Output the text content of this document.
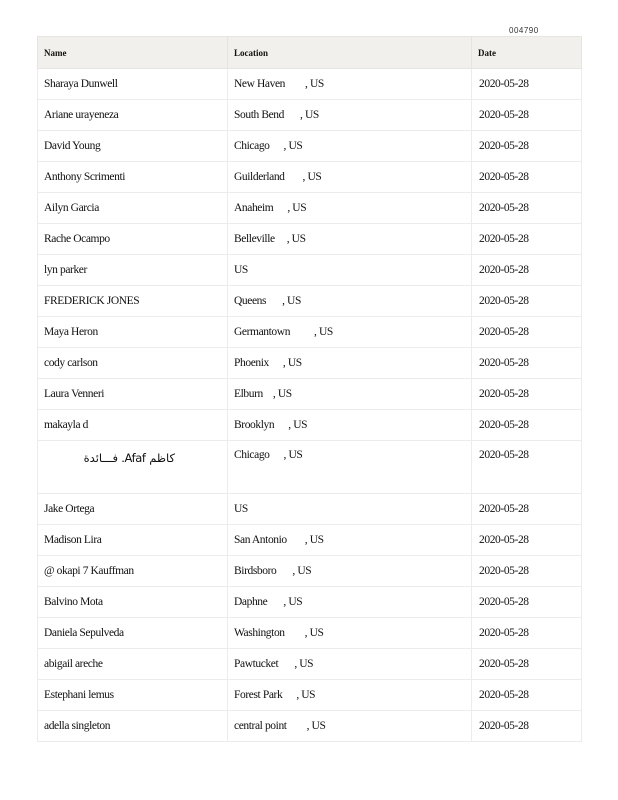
004790
Name	Location	Date
Sharaya Dunwell	New Haven , US	2020-05-28
Ariane urayeneza	South Bend , US	2020-05-28
David Young	Chicago , US	2020-05-28
Anthony Scrimenti	Guilderland , US	2020-05-28
Ailyn Garcia	Anaheim , US	2020-05-28
Rache Ocampo	Belleville , US	2020-05-28
lyn parker	US	2020-05-28
FREDERICK JONES	Queens , US	2020-05-28
Maya Heron	Germantown , US	2020-05-28
cody carlson	Phoenix , US	2020-05-28
Laura Venneri	Elburn , US	2020-05-28
makayla d	Brooklyn , US	2020-05-28
كاظم Afaf. فـــائدة	Chicago , US	2020-05-28
Jake Ortega	US	2020-05-28
Madison Lira	San Antonio , US	2020-05-28
@ okapi 7 Kauffman	Birdsboro , US	2020-05-28
Balvino Mota	Daphne , US	2020-05-28
Daniela Sepulveda	Washington , US	2020-05-28
abigail areche	Pawtucket , US	2020-05-28
Estephani lemus	Forest Park , US	2020-05-28
adella singleton	central point , US	2020-05-28
